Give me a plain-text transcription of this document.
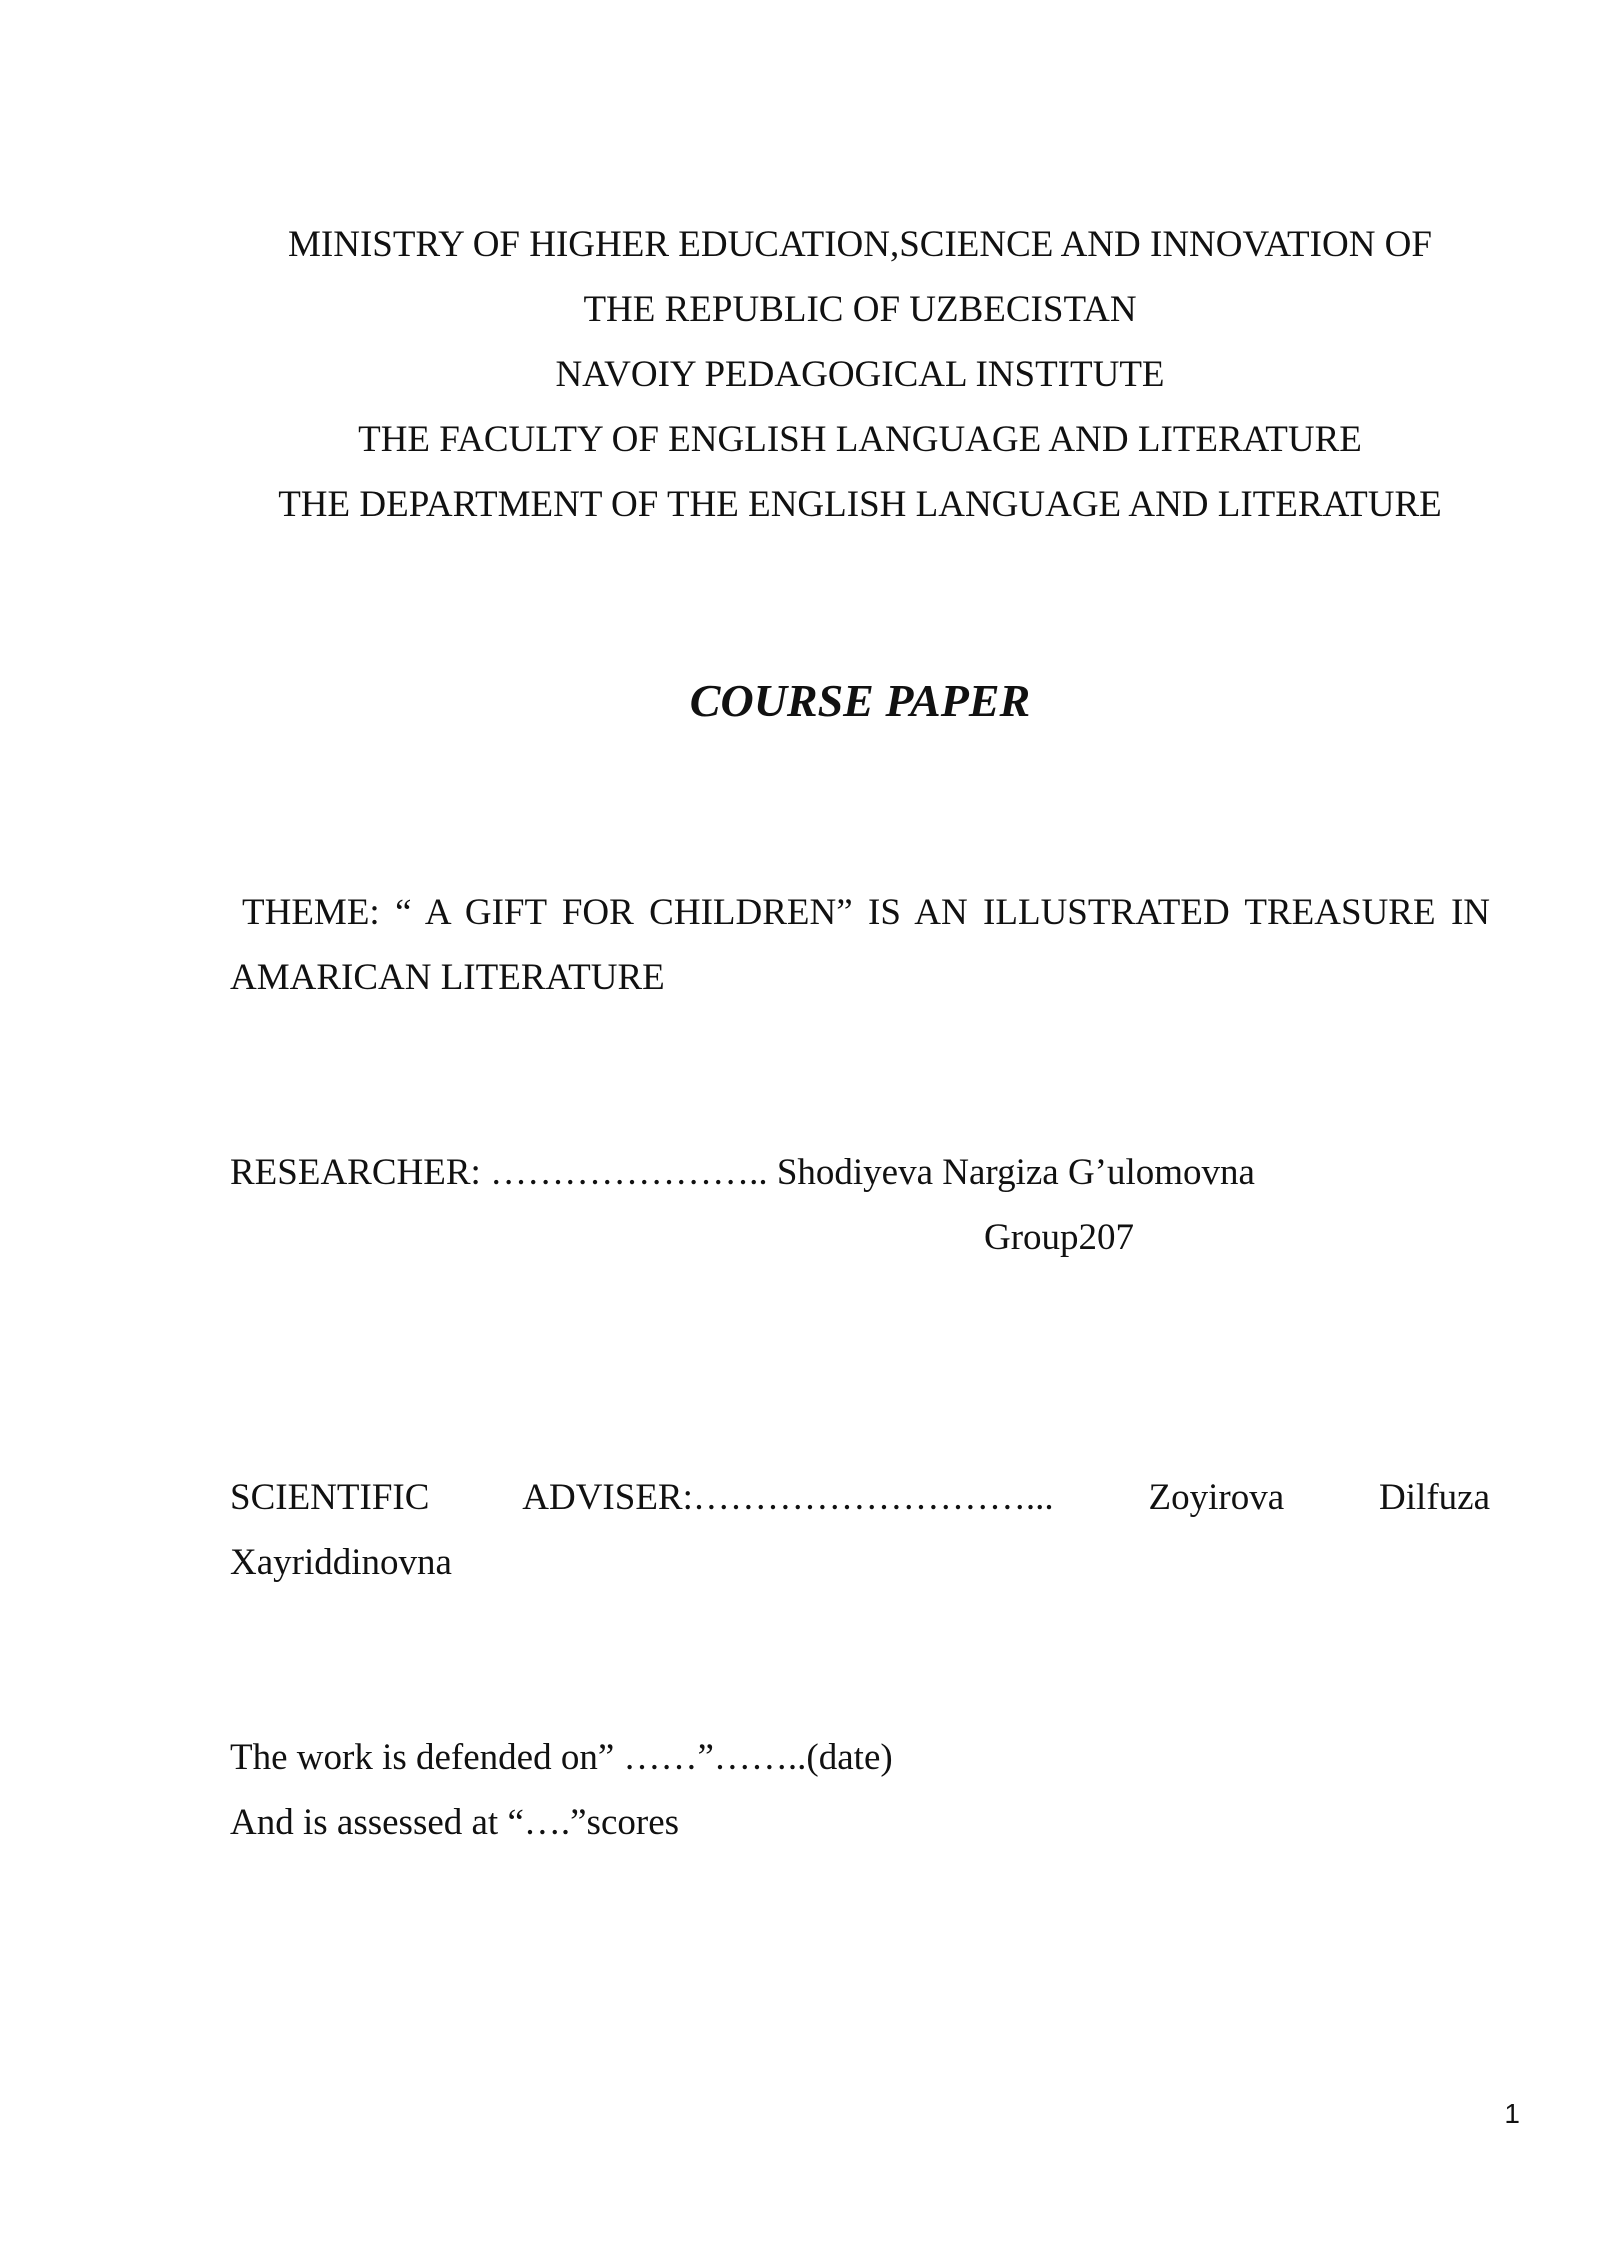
MINISTRY OF HIGHER EDUCATION,SCIENCE AND INNOVATION OF
THE REPUBLIC OF UZBECISTAN
NAVOIY PEDAGOGICAL INSTITUTE
THE FACULTY OF ENGLISH LANGUAGE AND LITERATURE
THE DEPARTMENT OF THE ENGLISH LANGUAGE AND LITERATURE
COURSE PAPER
THEME: “ A GIFT FOR CHILDREN” IS AN ILLUSTRATED TREASURE IN
AMARICAN LITERATURE
RESEARCHER: ………………….. Shodiyeva Nargiza G’ulomovna
Group207
SCIENTIFIC ADVISER:………………………... Zoyirova Dilfuza
Xayriddinovna
The work is defended on” ……”……..(date)
And is assessed at “….”scores
1
